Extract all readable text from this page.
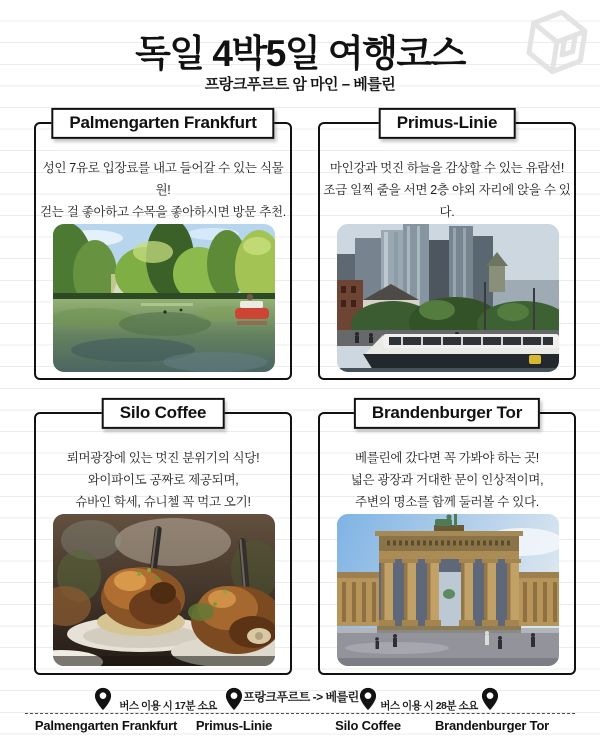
독일 4박5일 여행코스
프랑크푸르트 암 마인 – 베를린
Palmengarten Frankfurt
성인 7유로 입장료를 내고 들어갈 수 있는 식물원!
걷는 걸 좋아하고 수목을 좋아하시면 방문 추천.
Primus-Linie
마인강과 멋진 하늘을 감상할 수 있는 유람선!
조금 일찍 줄을 서면 2층 야외 자리에 앉을 수 있다.
Silo Coffee
뢰머광장에 있는 멋진 분위기의 식당!
와이파이도 공짜로 제공되며,
슈바인 학세, 슈니첼 꼭 먹고 오기!
Brandenburger Tor
베를린에 갔다면 꼭 가봐야 하는 곳!
넓은 광장과 거대한 문이 인상적이며,
주변의 명소를 함께 둘러볼 수 있다.
버스 이용 시 17분 소요
프랑크푸르트 -> 베를린
버스 이용 시 28분 소요
Palmengarten Frankfurt Primus-Linie	Silo Coffee	Brandenburger Tor
